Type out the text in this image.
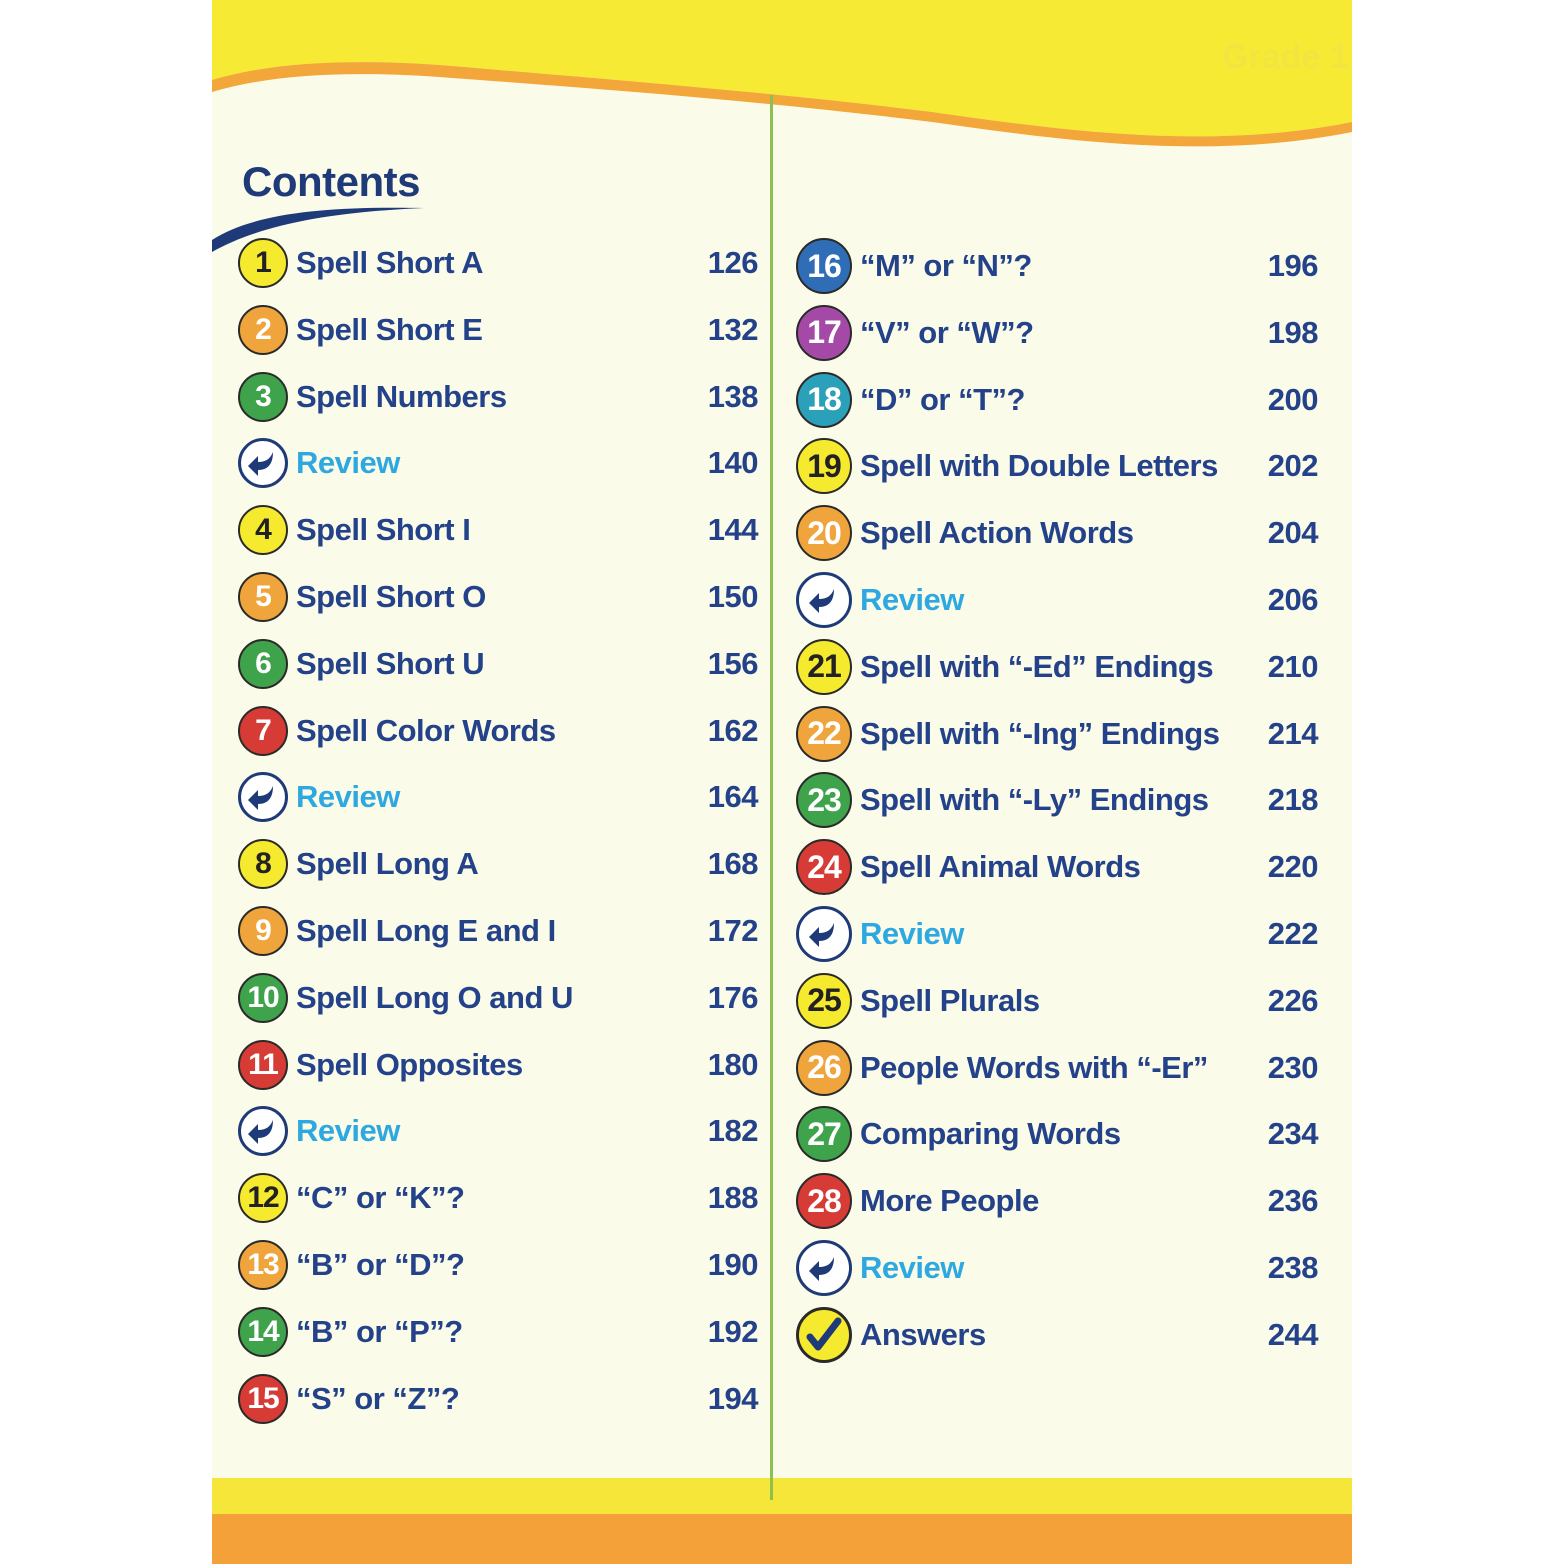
Grade 1
Contents
1 Spell Short A	126
2 Spell Short E	132
3 Spell Numbers	138
Review	140
4 Spell Short I	144
5 Spell Short O	150
6 Spell Short U	156
7 Spell Color Words	162
Review	164
8 Spell Long A	168
9 Spell Long E and I	172
10 Spell Long O and U	176
11 Spell Opposites	180
Review	182
12 “C” or “K”?	188
13 “B” or “D”?	190
14 “B” or “P”?	192
15 “S” or “Z”?	194
16 “M” or “N”?	196
17 “V” or “W”?	198
18 “D” or “T”?	200
19 Spell with Double Letters 202
20 Spell Action Words	204
Review	206
21 Spell with “-Ed” Endings 210
22 Spell with “-Ing” Endings 214
23 Spell with “-Ly” Endings 218
24 Spell Animal Words	220
Review	222
25 Spell Plurals	226
26 People Words with “-Er” 230
27 Comparing Words	234
28 More People	236
Review	238
Answers	244
